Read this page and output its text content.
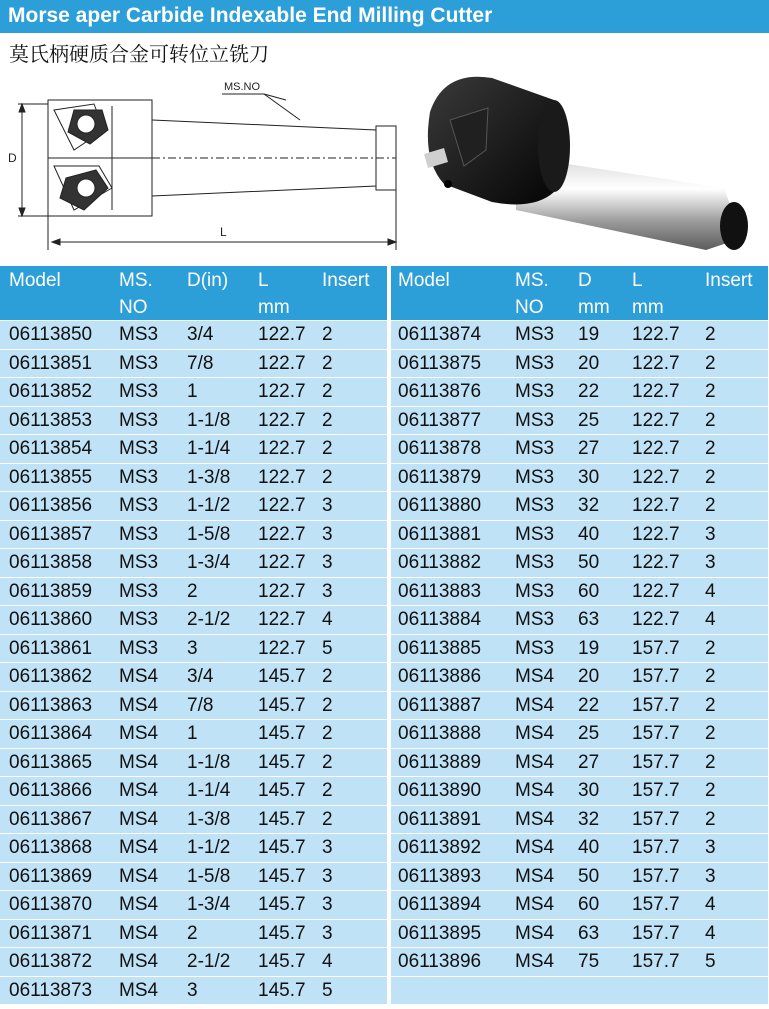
Morse aper Carbide Indexable End Milling Cutter
莫氏柄硬质合金可转位立铣刀
MS.NO
D
L
Model	MS.
NO
D(in) L
mm
Insert
06113850 MS3 3/4 122.7 2
06113851 MS3 7/8 122.7 2
06113852 MS3 1	122.7 2
06113853 MS3 1-1/8 122.7 2
06113854 MS3 1-1/4 122.7 2
06113855 MS3 1-3/8 122.7 2
06113856 MS3 1-1/2 122.7 3
06113857 MS3 1-5/8 122.7 3
06113858 MS3 1-3/4 122.7 3
06113859 MS3 2	122.7 3
06113860 MS3 2-1/2 122.7 4
06113861 MS3 3	122.7 5
06113862 MS4 3/4 145.7 2
06113863 MS4 7/8 145.7 2
06113864 MS4 1	145.7 2
06113865 MS4 1-1/8 145.7 2
06113866 MS4 1-1/4 145.7 2
06113867 MS4 1-3/8 145.7 2
06113868 MS4 1-1/2 145.7 3
06113869 MS4 1-5/8 145.7 3
06113870 MS4 1-3/4 145.7 3
06113871 MS4 2	145.7 3
06113872 MS4 2-1/2 145.7 4
06113873 MS4 3	145.7 5
Model	MS.
NO
D
mm
L
mm
Insert
06113874 MS3 19 122.7 2
06113875 MS3 20 122.7 2
06113876 MS3 22 122.7 2
06113877 MS3 25 122.7 2
06113878 MS3 27 122.7 2
06113879 MS3 30 122.7 2
06113880 MS3 32 122.7 2
06113881 MS3 40 122.7 3
06113882 MS3 50 122.7 3
06113883 MS3 60 122.7 4
06113884 MS3 63 122.7 4
06113885 MS3 19 157.7 2
06113886 MS4 20 157.7 2
06113887 MS4 22 157.7 2
06113888 MS4 25 157.7 2
06113889 MS4 27 157.7 2
06113890 MS4 30 157.7 2
06113891 MS4 32 157.7 2
06113892 MS4 40 157.7 3
06113893 MS4 50 157.7 3
06113894 MS4 60 157.7 4
06113895 MS4 63 157.7 4
06113896 MS4 75 157.7 5
